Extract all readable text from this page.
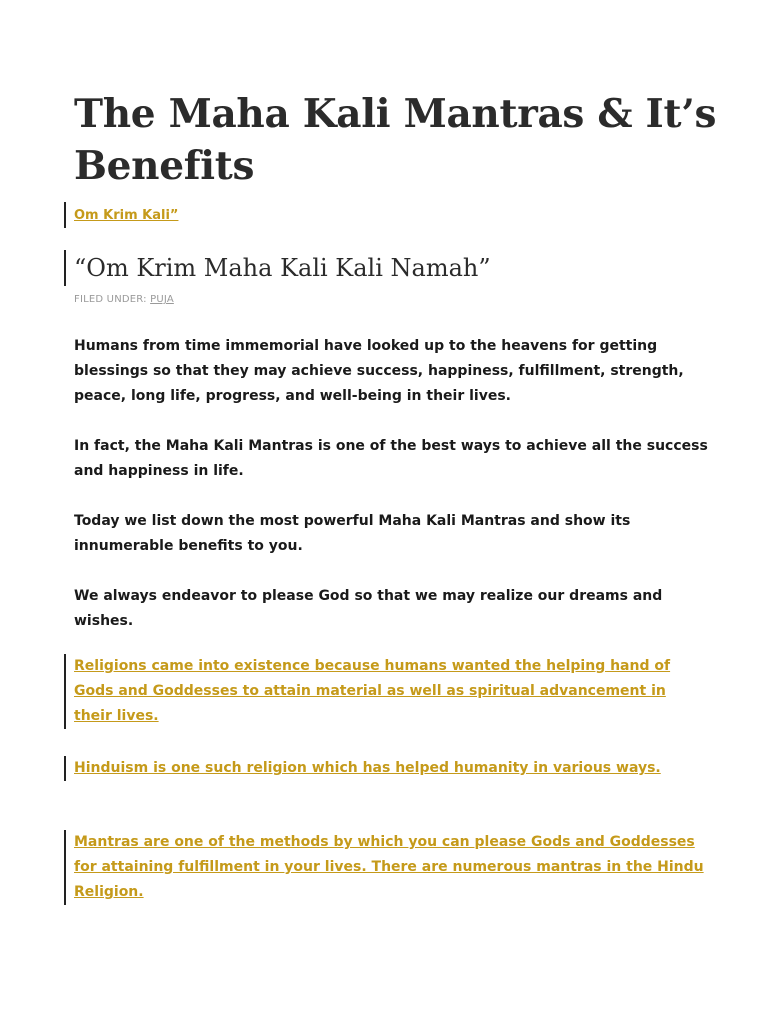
The Maha Kali Mantras & It’s Benefits
Om Krim Kali”
“Om Krim Maha Kali Kali Namah”
FILED UNDER: PUJA

Humans from time immemorial have looked up to the heavens for getting blessings so that they may achieve success, happiness, fulfillment, strength, peace, long life, progress, and well-being in their lives.

In fact, the Maha Kali Mantras is one of the best ways to achieve all the success and happiness in life.

Today we list down the most powerful Maha Kali Mantras and show its innumerable benefits to you.

We always endeavor to please God so that we may realize our dreams and wishes.

Religions came into existence because humans wanted the helping hand of Gods and Goddesses to attain material as well as spiritual advancement in their lives.
Hinduism is one such religion which has helped humanity in various ways.
Mantras are one of the methods by which you can please Gods and Goddesses for attaining fulfillment in your lives. There are numerous mantras in the Hindu Religion.
